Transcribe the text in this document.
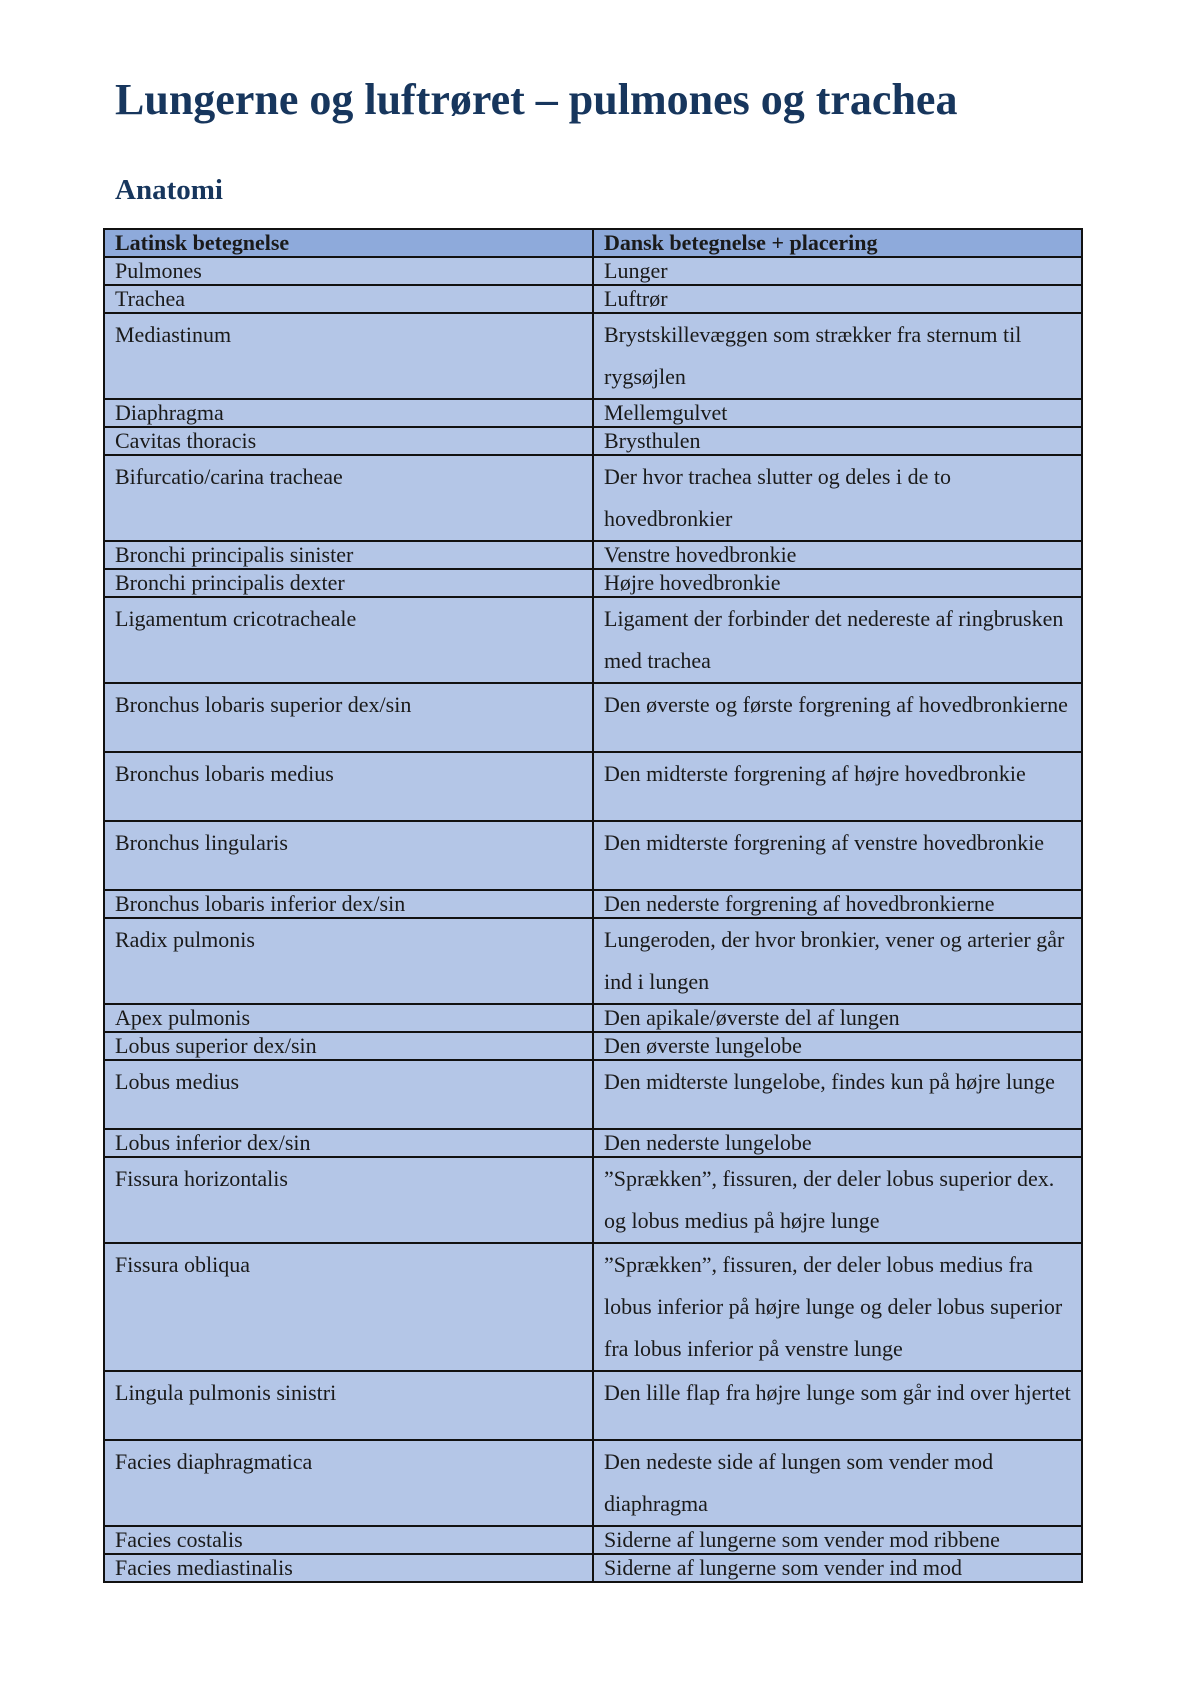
Lungerne og luftrøret – pulmones og trachea
Anatomi
Latinsk betegnelse	Dansk betegnelse + placering
Pulmones	Lunger
Trachea	Luftrør
Mediastinum	Brystskillevæggen som strækker fra sternum til rygsøjlen
Diaphragma	Mellemgulvet
Cavitas thoracis	Brysthulen
Bifurcatio/carina tracheae	Der hvor trachea slutter og deles i de to hovedbronkier
Bronchi principalis sinister	Venstre hovedbronkie
Bronchi principalis dexter	Højre hovedbronkie
Ligamentum cricotracheale	Ligament der forbinder det nedereste af ringbrusken med trachea
Bronchus lobaris superior dex/sin	Den øverste og første forgrening af hovedbronkierne
Bronchus lobaris medius	Den midterste forgrening af højre hovedbronkie
Bronchus lingularis	Den midterste forgrening af venstre hovedbronkie
Bronchus lobaris inferior dex/sin	Den nederste forgrening af hovedbronkierne
Radix pulmonis	Lungeroden, der hvor bronkier, vener og arterier går ind i lungen
Apex pulmonis	Den apikale/øverste del af lungen
Lobus superior dex/sin	Den øverste lungelobe
Lobus medius	Den midterste lungelobe, findes kun på højre lunge
Lobus inferior dex/sin	Den nederste lungelobe
Fissura horizontalis	”Sprækken”, fissuren, der deler lobus superior dex. og lobus medius på højre lunge
Fissura obliqua	”Sprækken”, fissuren, der deler lobus medius fra lobus inferior på højre lunge og deler lobus superior fra lobus inferior på venstre lunge
Lingula pulmonis sinistri	Den lille flap fra højre lunge som går ind over hjertet
Facies diaphragmatica	Den nedeste side af lungen som vender mod diaphragma
Facies costalis	Siderne af lungerne som vender mod ribbene
Facies mediastinalis	Siderne af lungerne som vender ind mod
